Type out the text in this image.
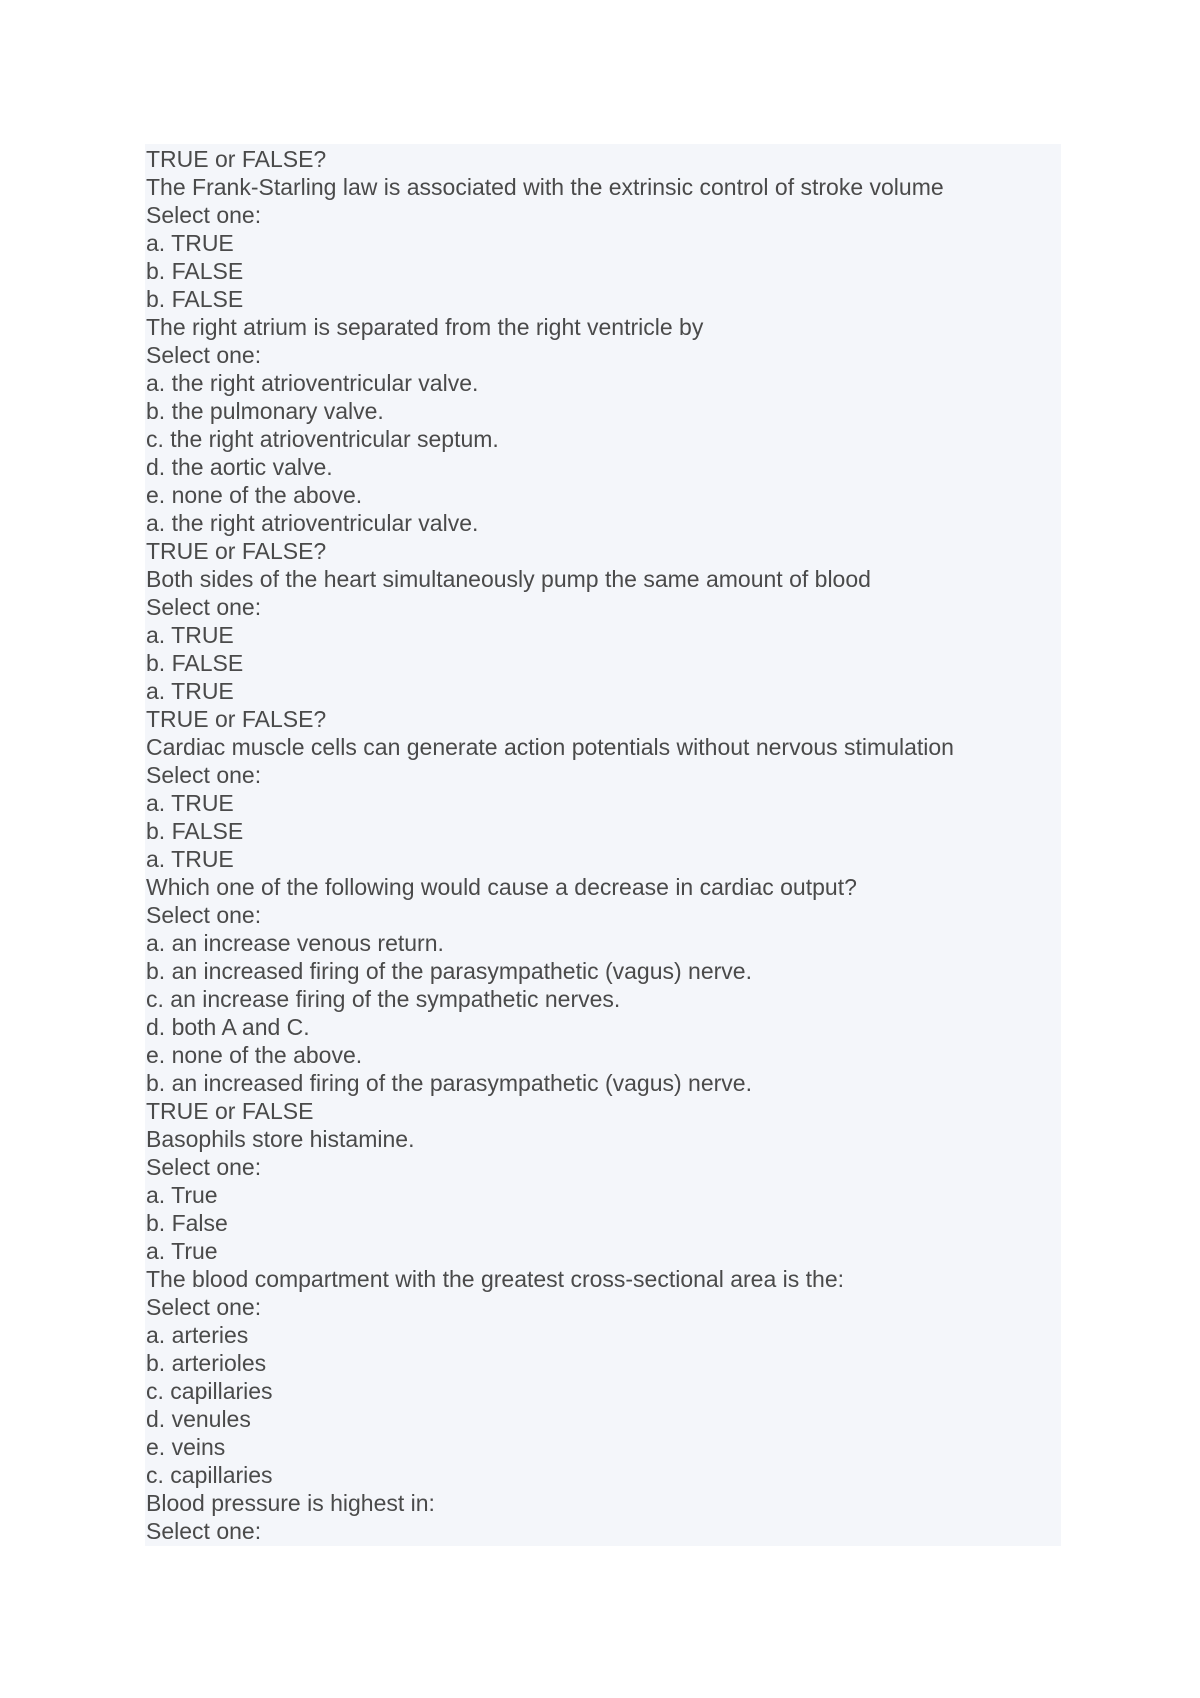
TRUE or FALSE?
The Frank-Starling law is associated with the extrinsic control of stroke volume
Select one:
a. TRUE
b. FALSE
b. FALSE
The right atrium is separated from the right ventricle by
Select one:
a. the right atrioventricular valve.
b. the pulmonary valve.
c. the right atrioventricular septum.
d. the aortic valve.
e. none of the above.
a. the right atrioventricular valve.
TRUE or FALSE?
Both sides of the heart simultaneously pump the same amount of blood
Select one:
a. TRUE
b. FALSE
a. TRUE
TRUE or FALSE?
Cardiac muscle cells can generate action potentials without nervous stimulation
Select one:
a. TRUE
b. FALSE
a. TRUE
Which one of the following would cause a decrease in cardiac output?
Select one:
a. an increase venous return.
b. an increased firing of the parasympathetic (vagus) nerve.
c. an increase firing of the sympathetic nerves.
d. both A and C.
e. none of the above.
b. an increased firing of the parasympathetic (vagus) nerve.
TRUE or FALSE
Basophils store histamine.
Select one:
a. True
b. False
a. True
The blood compartment with the greatest cross-sectional area is the:
Select one:
a. arteries
b. arterioles
c. capillaries
d. venules
e. veins
c. capillaries
Blood pressure is highest in:
Select one:
